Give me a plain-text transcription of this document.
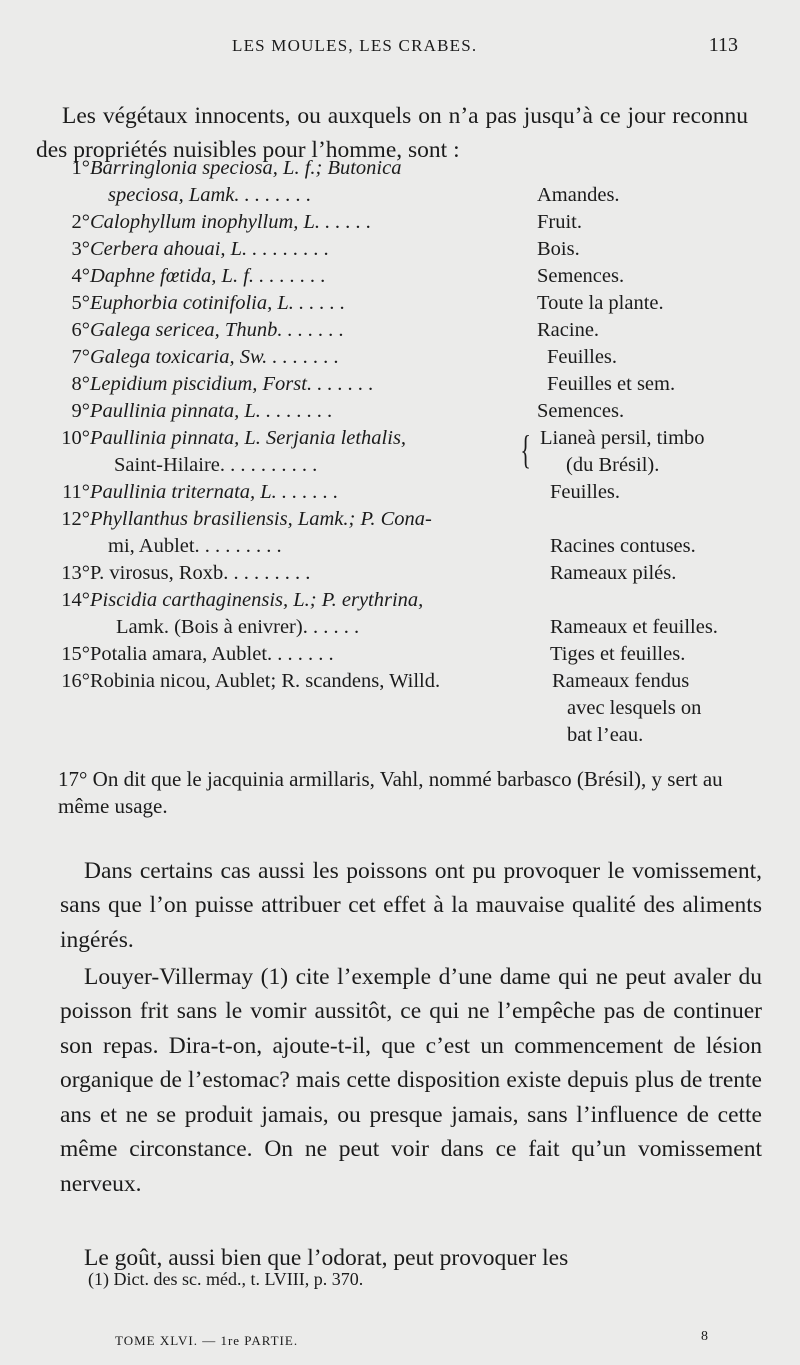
LES MOULES, LES CRABES.	113

Les végétaux innocents, ou auxquels on n’a pas jusqu’à ce jour reconnu des propriétés nuisibles pour l’homme, sont :

1° Barringlonia speciosa, L. f.; Butonica
speciosa, Lamk. . . . . . . .	Amandes.
2° Calophyllum inophyllum, L. . . . . .	Fruit.
3° Cerbera ahouai, L. . . . . . . . .	Bois.
4° Daphne fœtida, L. f. . . . . . . .	Semences.
5° Euphorbia cotinifolia, L. . . . . .	Toute la plante.
6° Galega sericea, Thunb. . . . . . .	Racine.
7° Galega toxicaria, Sw. . . . . . . .	Feuilles.
8° Lepidium piscidium, Forst. . . . . . .	Feuilles et sem.
9° Paullinia pinnata, L. . . . . . . .	Semences.
10° Paullinia pinnata, L. Serjania lethalis,
Saint-Hilaire. . . . . . . . . .	{ Lianeà persil, timbo
(du Brésil).
11° Paullinia triternata, L. . . . . . .	Feuilles.
12° Phyllanthus brasiliensis, Lamk.; P. Cona-
mi, Aublet. . . . . . . . .	Racines contuses.
13° P. virosus, Roxb. . . . . . . . .	Rameaux pilés.
14° Piscidia carthaginensis, L.; P. erythrina,
Lamk. (Bois à enivrer). . . . . .	Rameaux et feuilles.
15° Potalia amara, Aublet. . . . . . .	Tiges et feuilles.
16° Robinia nicou, Aublet; R. scandens, Willd.	Rameaux fendus
avec lesquels on
bat l’eau.

17° On dit que le jacquinia armillaris, Vahl, nommé barbasco (Brésil), y sert au même usage.

Dans certains cas aussi les poissons ont pu provoquer le vomissement, sans que l’on puisse attribuer cet effet à la mauvaise qualité des aliments ingérés.

Louyer-Villermay (1) cite l’exemple d’une dame qui ne peut avaler du poisson frit sans le vomir aussitôt, ce qui ne l’empêche pas de continuer son repas. Dira-t-on, ajoute-t-il, que c’est un commencement de lésion organique de l’estomac? mais cette disposition existe depuis plus de trente ans et ne se produit jamais, ou presque jamais, sans l’influence de cette même circonstance. On ne peut voir dans ce fait qu’un vomissement nerveux.

Le goût, aussi bien que l’odorat, peut provoquer les

(1) Dict. des sc. méd., t. LVIII, p. 370.
TOME XLVI. — 1re PARTIE.	8
